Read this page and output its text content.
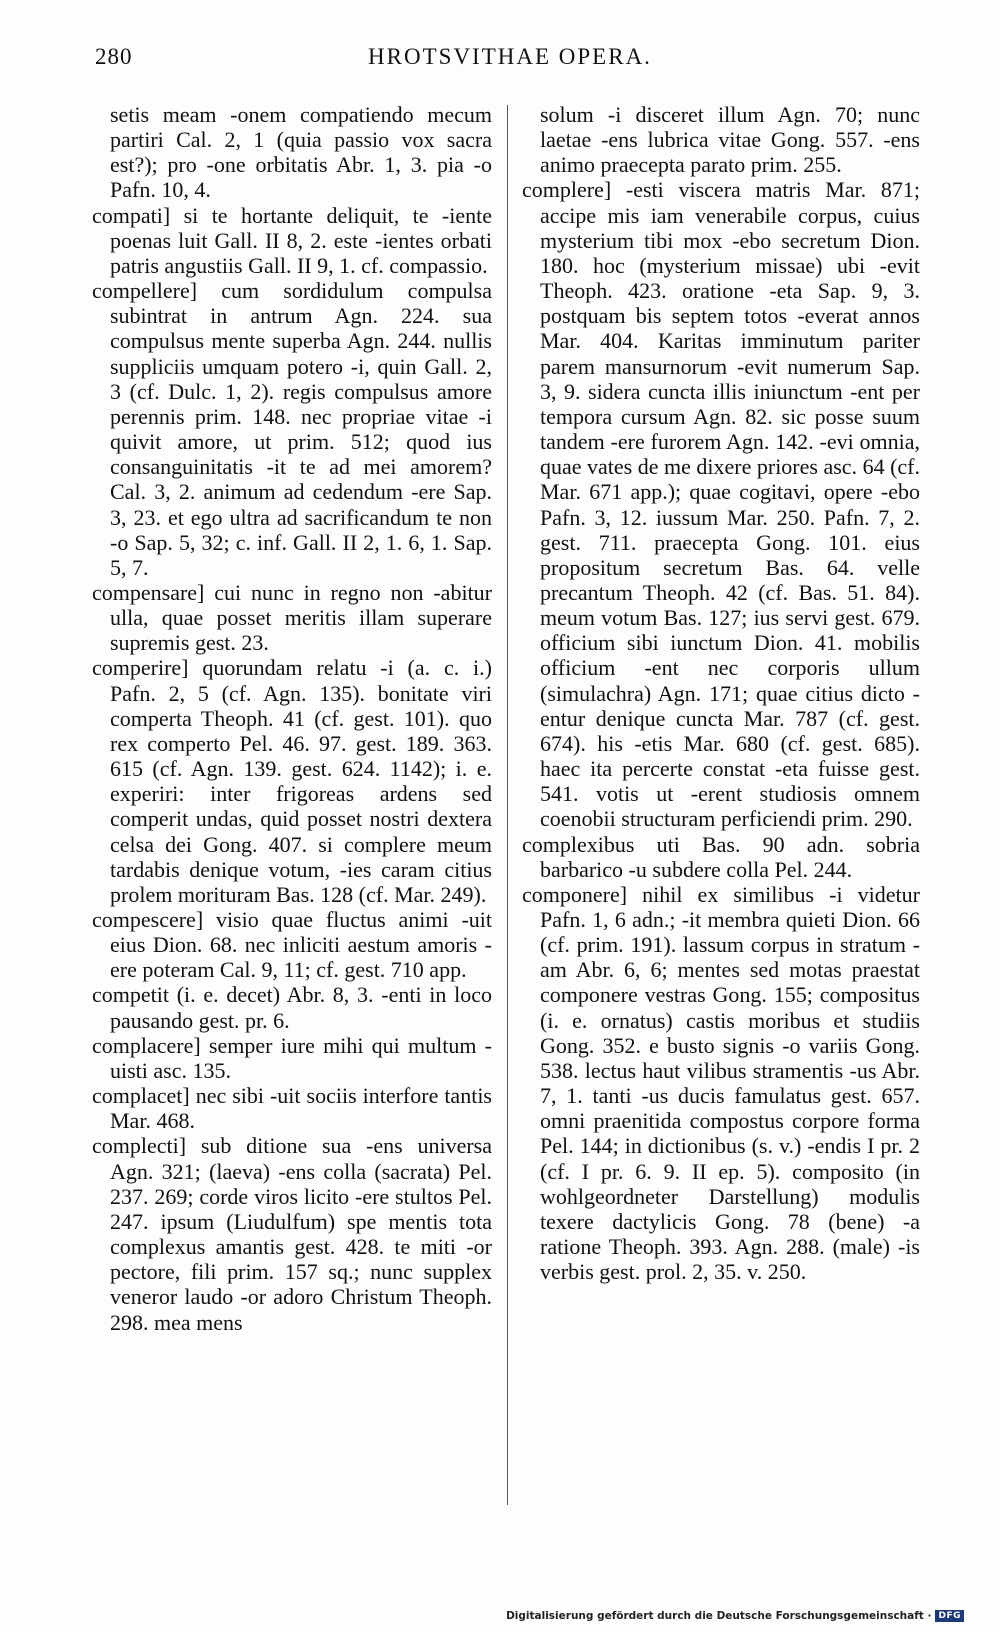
280	HROTSVITHAE OPERA.

setis meam -onem compatiendo mecum partiri Cal. 2, 1 (quia passio vox sacra est?); pro -one orbitatis Abr. 1, 3. pia -o Pafn. 10, 4.

compati] si te hortante deliquit, te -iente poenas luit Gall. II 8, 2. este -ientes orbati patris angustiis Gall. II 9, 1. cf. compassio.

compellere] cum sordidulum compulsa subintrat in antrum Agn. 224. sua compulsus mente superba Agn. 244. nullis suppliciis umquam potero -i, quin Gall. 2, 3 (cf. Dulc. 1, 2). regis compulsus amore perennis prim. 148. nec propriae vitae -i quivit amore, ut prim. 512; quod ius consanguinitatis -it te ad mei amorem? Cal. 3, 2. animum ad cedendum -ere Sap. 3, 23. et ego ultra ad sacrificandum te non -o Sap. 5, 32; c. inf. Gall. II 2, 1. 6, 1. Sap. 5, 7.

compensare] cui nunc in regno non -abitur ulla, quae posset meritis illam superare supremis gest. 23.

comperire] quorundam relatu -i (a. c. i.) Pafn. 2, 5 (cf. Agn. 135). bonitate viri comperta Theoph. 41 (cf. gest. 101). quo rex comperto Pel. 46. 97. gest. 189. 363. 615 (cf. Agn. 139. gest. 624. 1142); i. e. experiri: inter frigoreas ardens sed comperit undas, quid posset nostri dextera celsa dei Gong. 407. si complere meum tardabis denique votum, -ies caram citius prolem morituram Bas. 128 (cf. Mar. 249).

compescere] visio quae fluctus animi -uit eius Dion. 68. nec inliciti aestum amoris -ere poteram Cal. 9, 11; cf. gest. 710 app.

competit (i. e. decet) Abr. 8, 3. -enti in loco pausando gest. pr. 6.

complacere] semper iure mihi qui multum -uisti asc. 135.

complacet] nec sibi -uit sociis interfore tantis Mar. 468.

complecti] sub ditione sua -ens universa Agn. 321; (laeva) -ens colla (sacrata) Pel. 237. 269; corde viros licito -ere stultos Pel. 247. ipsum (Liudulfum) spe mentis tota complexus amantis gest. 428. te miti -or pectore, fili prim. 157 sq.; nunc supplex veneror laudo -or adoro Christum Theoph. 298. mea mens

solum -i disceret illum Agn. 70; nunc laetae -ens lubrica vitae Gong. 557. -ens animo praecepta parato prim. 255.

complere] -esti viscera matris Mar. 871; accipe mis iam venerabile corpus, cuius mysterium tibi mox -ebo secretum Dion. 180. hoc (mysterium missae) ubi -evit Theoph. 423. oratione -eta Sap. 9, 3. postquam bis septem totos -everat annos Mar. 404. Karitas imminutum pariter parem mansurnorum -evit numerum Sap. 3, 9. sidera cuncta illis iniunctum -ent per tempora cursum Agn. 82. sic posse suum tandem -ere furorem Agn. 142. -evi omnia, quae vates de me dixere priores asc. 64 (cf. Mar. 671 app.); quae cogitavi, opere -ebo Pafn. 3, 12. iussum Mar. 250. Pafn. 7, 2. gest. 711. praecepta Gong. 101. eius propositum secretum Bas. 64. velle precantum Theoph. 42 (cf. Bas. 51. 84). meum votum Bas. 127; ius servi gest. 679. officium sibi iunctum Dion. 41. mobilis officium -ent nec corporis ullum (simulachra) Agn. 171; quae citius dicto -entur denique cuncta Mar. 787 (cf. gest. 674). his -etis Mar. 680 (cf. gest. 685). haec ita percerte constat -eta fuisse gest. 541. votis ut -erent studiosis omnem coenobii structuram perficiendi prim. 290.

complexibus uti Bas. 90 adn. sobria barbarico -u subdere colla Pel. 244.

componere] nihil ex similibus -i videtur Pafn. 1, 6 adn.; -it membra quieti Dion. 66 (cf. prim. 191). lassum corpus in stratum -am Abr. 6, 6; mentes sed motas praestat componere vestras Gong. 155; compositus (i. e. ornatus) castis moribus et studiis Gong. 352. e busto signis -o variis Gong. 538. lectus haut vilibus stramentis -us Abr. 7, 1. tanti -us ducis famulatus gest. 657. omni praenitida compostus corpore forma Pel. 144; in dictionibus (s. v.) -endis I pr. 2 (cf. I pr. 6. 9. II ep. 5). composito (in wohlgeordneter Darstellung) modulis texere dactylicis Gong. 78 (bene) -a ratione Theoph. 393. Agn. 288. (male) -is verbis gest. prol. 2, 35. v. 250.

Digitalisierung gefördert durch die Deutsche Forschungsgemeinschaft · DFG
